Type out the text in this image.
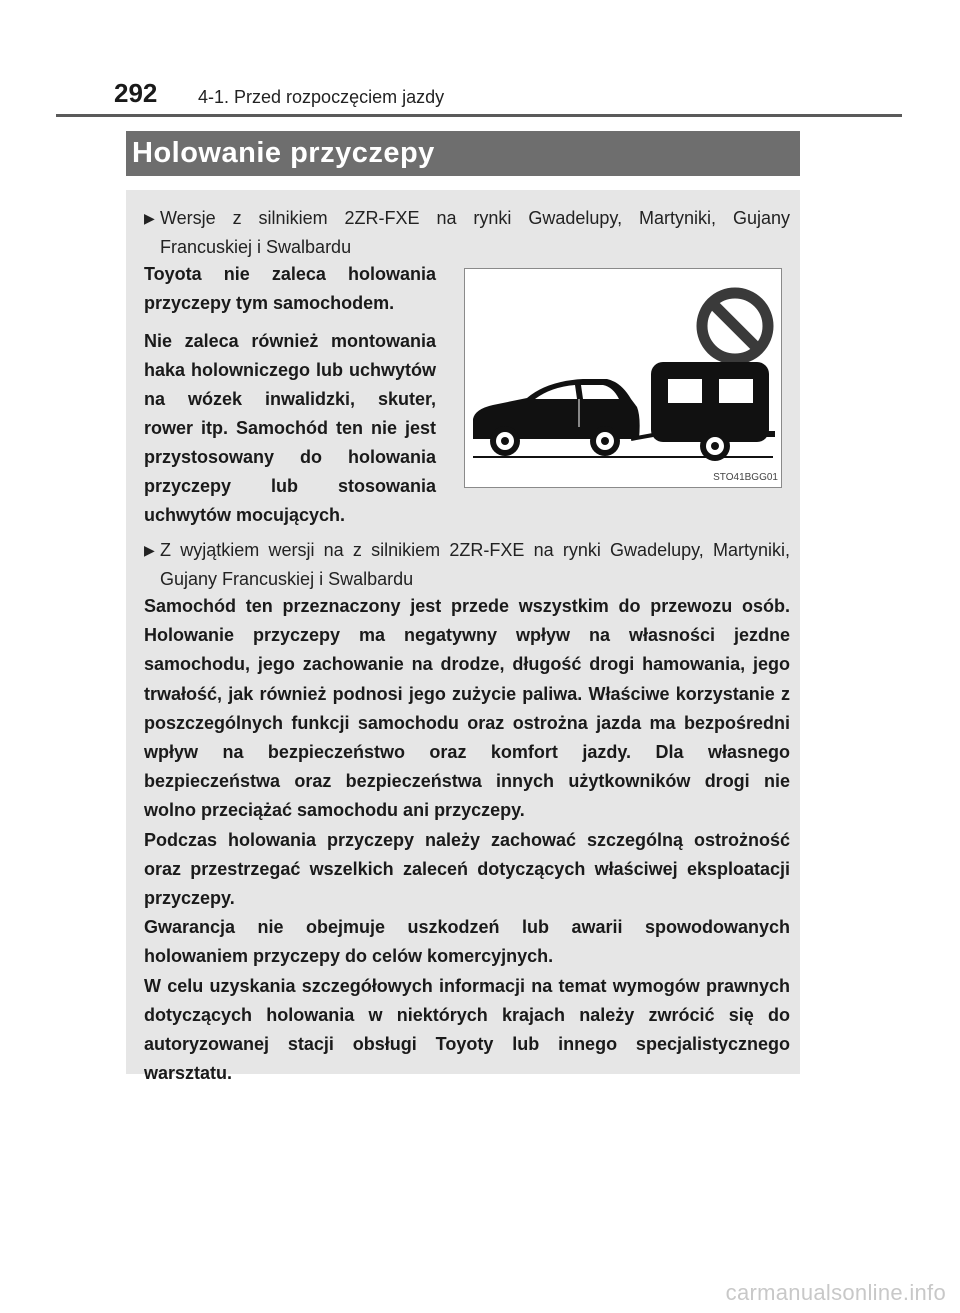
292 4-1. Przed rozpoczęciem jazdy
Holowanie przyczepy
▶ Wersje z silnikiem 2ZR-FXE na rynki Gwadelupy, Martyniki, Gujany Francuskiej i Swalbardu

Toyota nie zaleca holowania przyczepy tym samochodem.

Nie zaleca również montowania haka holowniczego lub uchwytów na wózek inwalidzki, skuter, rower itp. Samochód ten nie jest przystosowany do holowania przyczepy lub stosowania uchwytów mocujących.

STO41BGG01
▶ Z wyjątkiem wersji na z silnikiem 2ZR-FXE na rynki Gwadelupy, Martyniki, Gujany Francuskiej i Swalbardu

Samochód ten przeznaczony jest przede wszystkim do przewozu osób. Holowanie przyczepy ma negatywny wpływ na własności jezdne samochodu, jego zachowanie na drodze, długość drogi hamowania, jego trwałość, jak również podnosi jego zużycie paliwa. Właściwe korzystanie z poszczególnych funkcji samochodu oraz ostrożna jazda ma bezpośredni wpływ na bezpieczeństwo oraz komfort jazdy. Dla własnego bezpieczeństwa oraz bezpieczeństwa innych użytkowników drogi nie wolno przeciążać samochodu ani przyczepy.

Podczas holowania przyczepy należy zachować szczególną ostrożność oraz przestrzegać wszelkich zaleceń dotyczących właściwej eksploatacji przyczepy.

Gwarancja nie obejmuje uszkodzeń lub awarii spowodowanych holowaniem przyczepy do celów komercyjnych.

W celu uzyskania szczegółowych informacji na temat wymogów prawnych dotyczących holowania w niektórych krajach należy zwrócić się do autoryzowanej stacji obsługi Toyoty lub innego specjalistycznego warsztatu.

carmanualsonline.info
